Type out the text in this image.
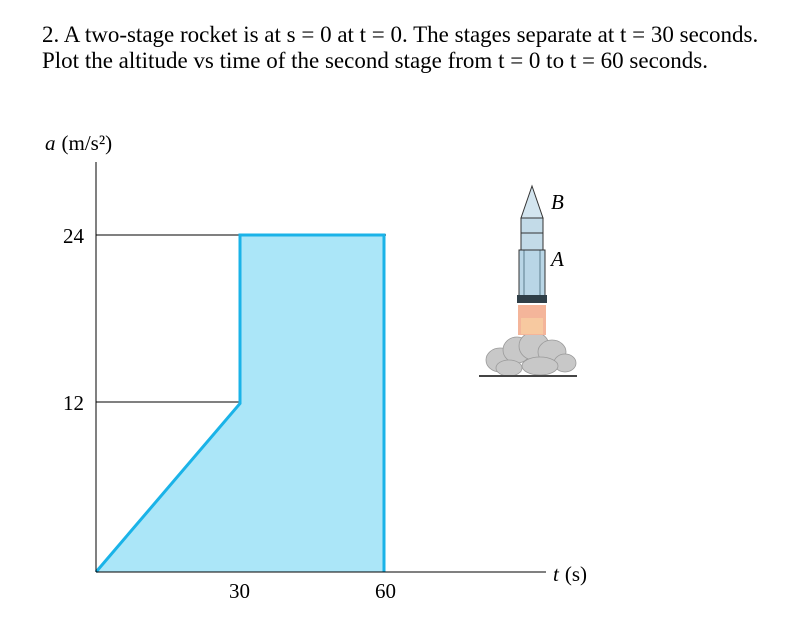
2. A two-stage rocket is at s = 0 at t = 0. The stages separate at t = 30 seconds.
Plot the altitude vs time of the second stage from t = 0 to t = 60 seconds.
a (m/s²)
24
12
30	60
t (s)
B
A
